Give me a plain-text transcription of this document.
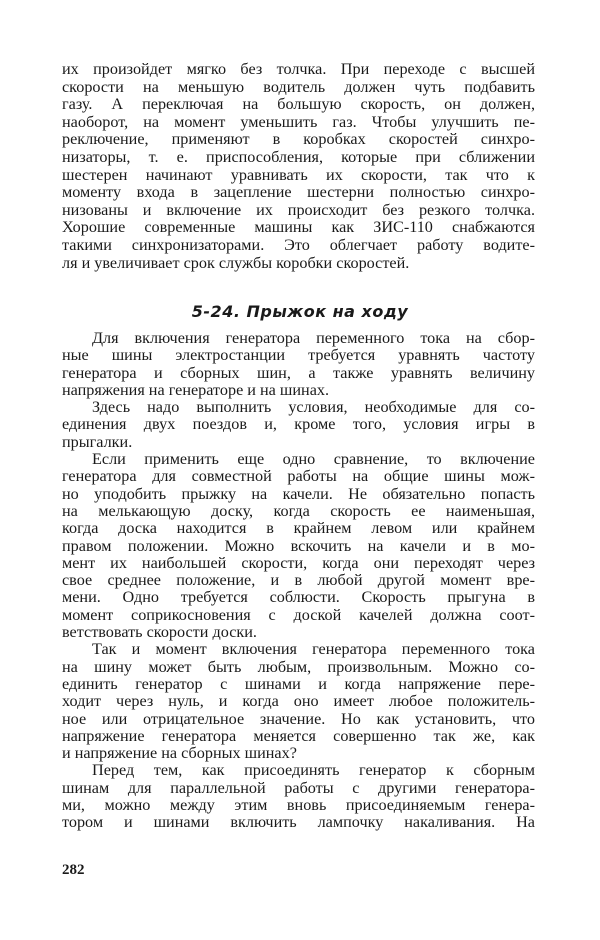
их произойдет мягко без толчка. При переходе с высшей
скорости на меньшую водитель должен чуть подбавить
газу. А переключая на большую скорость, он должен,
наоборот, на момент уменьшить газ. Чтобы улучшить пе-
реключение, применяют в коробках скоростей синхро-
низаторы, т. е. приспособления, которые при сближении
шестерен начинают уравнивать их скорости, так что к
моменту входа в зацепление шестерни полностью синхро-
низованы и включение их происходит без резкого толчка.
Хорошие современные машины как ЗИС-110 снабжаются
такими синхронизаторами. Это облегчает работу водите-
ля и увеличивает срок службы коробки скоростей.
5-24. Прыжок на ходу
Для включения генератора переменного тока на сбор-
ные шины электростанции требуется уравнять частоту
генератора и сборных шин, а также уравнять величину
напряжения на генераторе и на шинах.
Здесь надо выполнить условия, необходимые для со-
единения двух поездов и, кроме того, условия игры в
прыгалки.
Если применить еще одно сравнение, то включение
генератора для совместной работы на общие шины мож-
но уподобить прыжку на качели. Не обязательно попасть
на мелькающую доску, когда скорость ее наименьшая,
когда доска находится в крайнем левом или крайнем
правом положении. Можно вскочить на качели и в мо-
мент их наибольшей скорости, когда они переходят через
свое среднее положение, и в любой другой момент вре-
мени. Одно требуется соблюсти. Скорость прыгуна в
момент соприкосновения с доской качелей должна соот-
ветствовать скорости доски.
Так и момент включения генератора переменного тока
на шину может быть любым, произвольным. Можно со-
единить генератор с шинами и когда напряжение пере-
ходит через нуль, и когда оно имеет любое положитель-
ное или отрицательное значение. Но как установить, что
напряжение генератора меняется совершенно так же, как
и напряжение на сборных шинах?
Перед тем, как присоединять генератор к сборным
шинам для параллельной работы с другими генератора-
ми, можно между этим вновь присоединяемым генера-
тором и шинами включить лампочку накаливания. На
282
